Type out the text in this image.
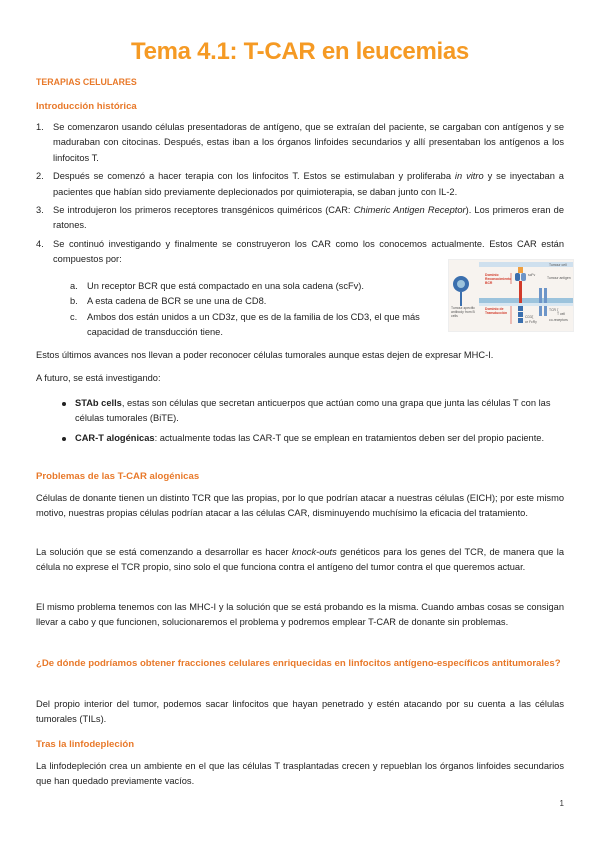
Tema 4.1: T-CAR en leucemias
TERAPIAS CELULARES
Introducción histórica
1. Se comenzaron usando células presentadoras de antígeno, que se extraían del paciente, se cargaban con antígenos y se maduraban con citocinas. Después, estas iban a los órganos linfoides secundarios y allí presentaban los antígenos a los linfocitos T.
2. Después se comenzó a hacer terapia con los linfocitos T. Estos se estimulaban y proliferaba in vitro y se inyectaban a pacientes que habían sido previamente deplecionados por quimioterapia, se daban junto con IL-2.
3. Se introdujeron los primeros receptores transgénicos quiméricos (CAR: Chimeric Antigen Receptor). Los primeros eran de ratones.
4. Se continuó investigando y finalmente se construyeron los CAR como los conocemos actualmente. Estos CAR están compuestos por:
a. Un receptor BCR que está compactado en una sola cadena (scFv).
b. A esta cadena de BCR se une una de CD8.
c. Ambos dos están unidos a un CD3z, que es de la familia de los CD3, el que más capacidad de transducción tiene.
Tumour cell
Tumour antigen
scFv
Dominio
Reconocimiento
BCR
Tumour-specific antibody from B cells
Dominio de Transducción
CD3ζ
or FcRγ
TCR ζ
T cell
co-receptors
Estos últimos avances nos llevan a poder reconocer células tumorales aunque estas dejen de expresar MHC-I.
A futuro, se está investigando:
STAb cells, estas son células que secretan anticuerpos que actúan como una grapa que junta las células T con las células tumorales (BiTE).
CAR-T alogénicas: actualmente todas las CAR-T que se emplean en tratamientos deben ser del propio paciente.
Problemas de las T-CAR alogénicas
Células de donante tienen un distinto TCR que las propias, por lo que podrían atacar a nuestras células (EICH); por este mismo motivo, nuestras propias células podrían atacar a las células CAR, disminuyendo muchísimo la eficacia del tratamiento.
La solución que se está comenzando a desarrollar es hacer knock-outs genéticos para los genes del TCR, de manera que la célula no exprese el TCR propio, sino solo el que funciona contra el antígeno del tumor contra el que queremos actuar.
El mismo problema tenemos con las MHC-I y la solución que se está probando es la misma. Cuando ambas cosas se consigan llevar a cabo y que funcionen, solucionaremos el problema y podremos emplear T-CAR de donante sin problemas.
¿De dónde podríamos obtener fracciones celulares enriquecidas en linfocitos antígeno-específicos antitumorales?
Del propio interior del tumor, podemos sacar linfocitos que hayan penetrado y estén atacando por su cuenta a las células tumorales (TILs).
Tras la linfodepleción
La linfodepleción crea un ambiente en el que las células T trasplantadas crecen y repueblan los órganos linfoides secundarios que han quedado previamente vacíos.
1
